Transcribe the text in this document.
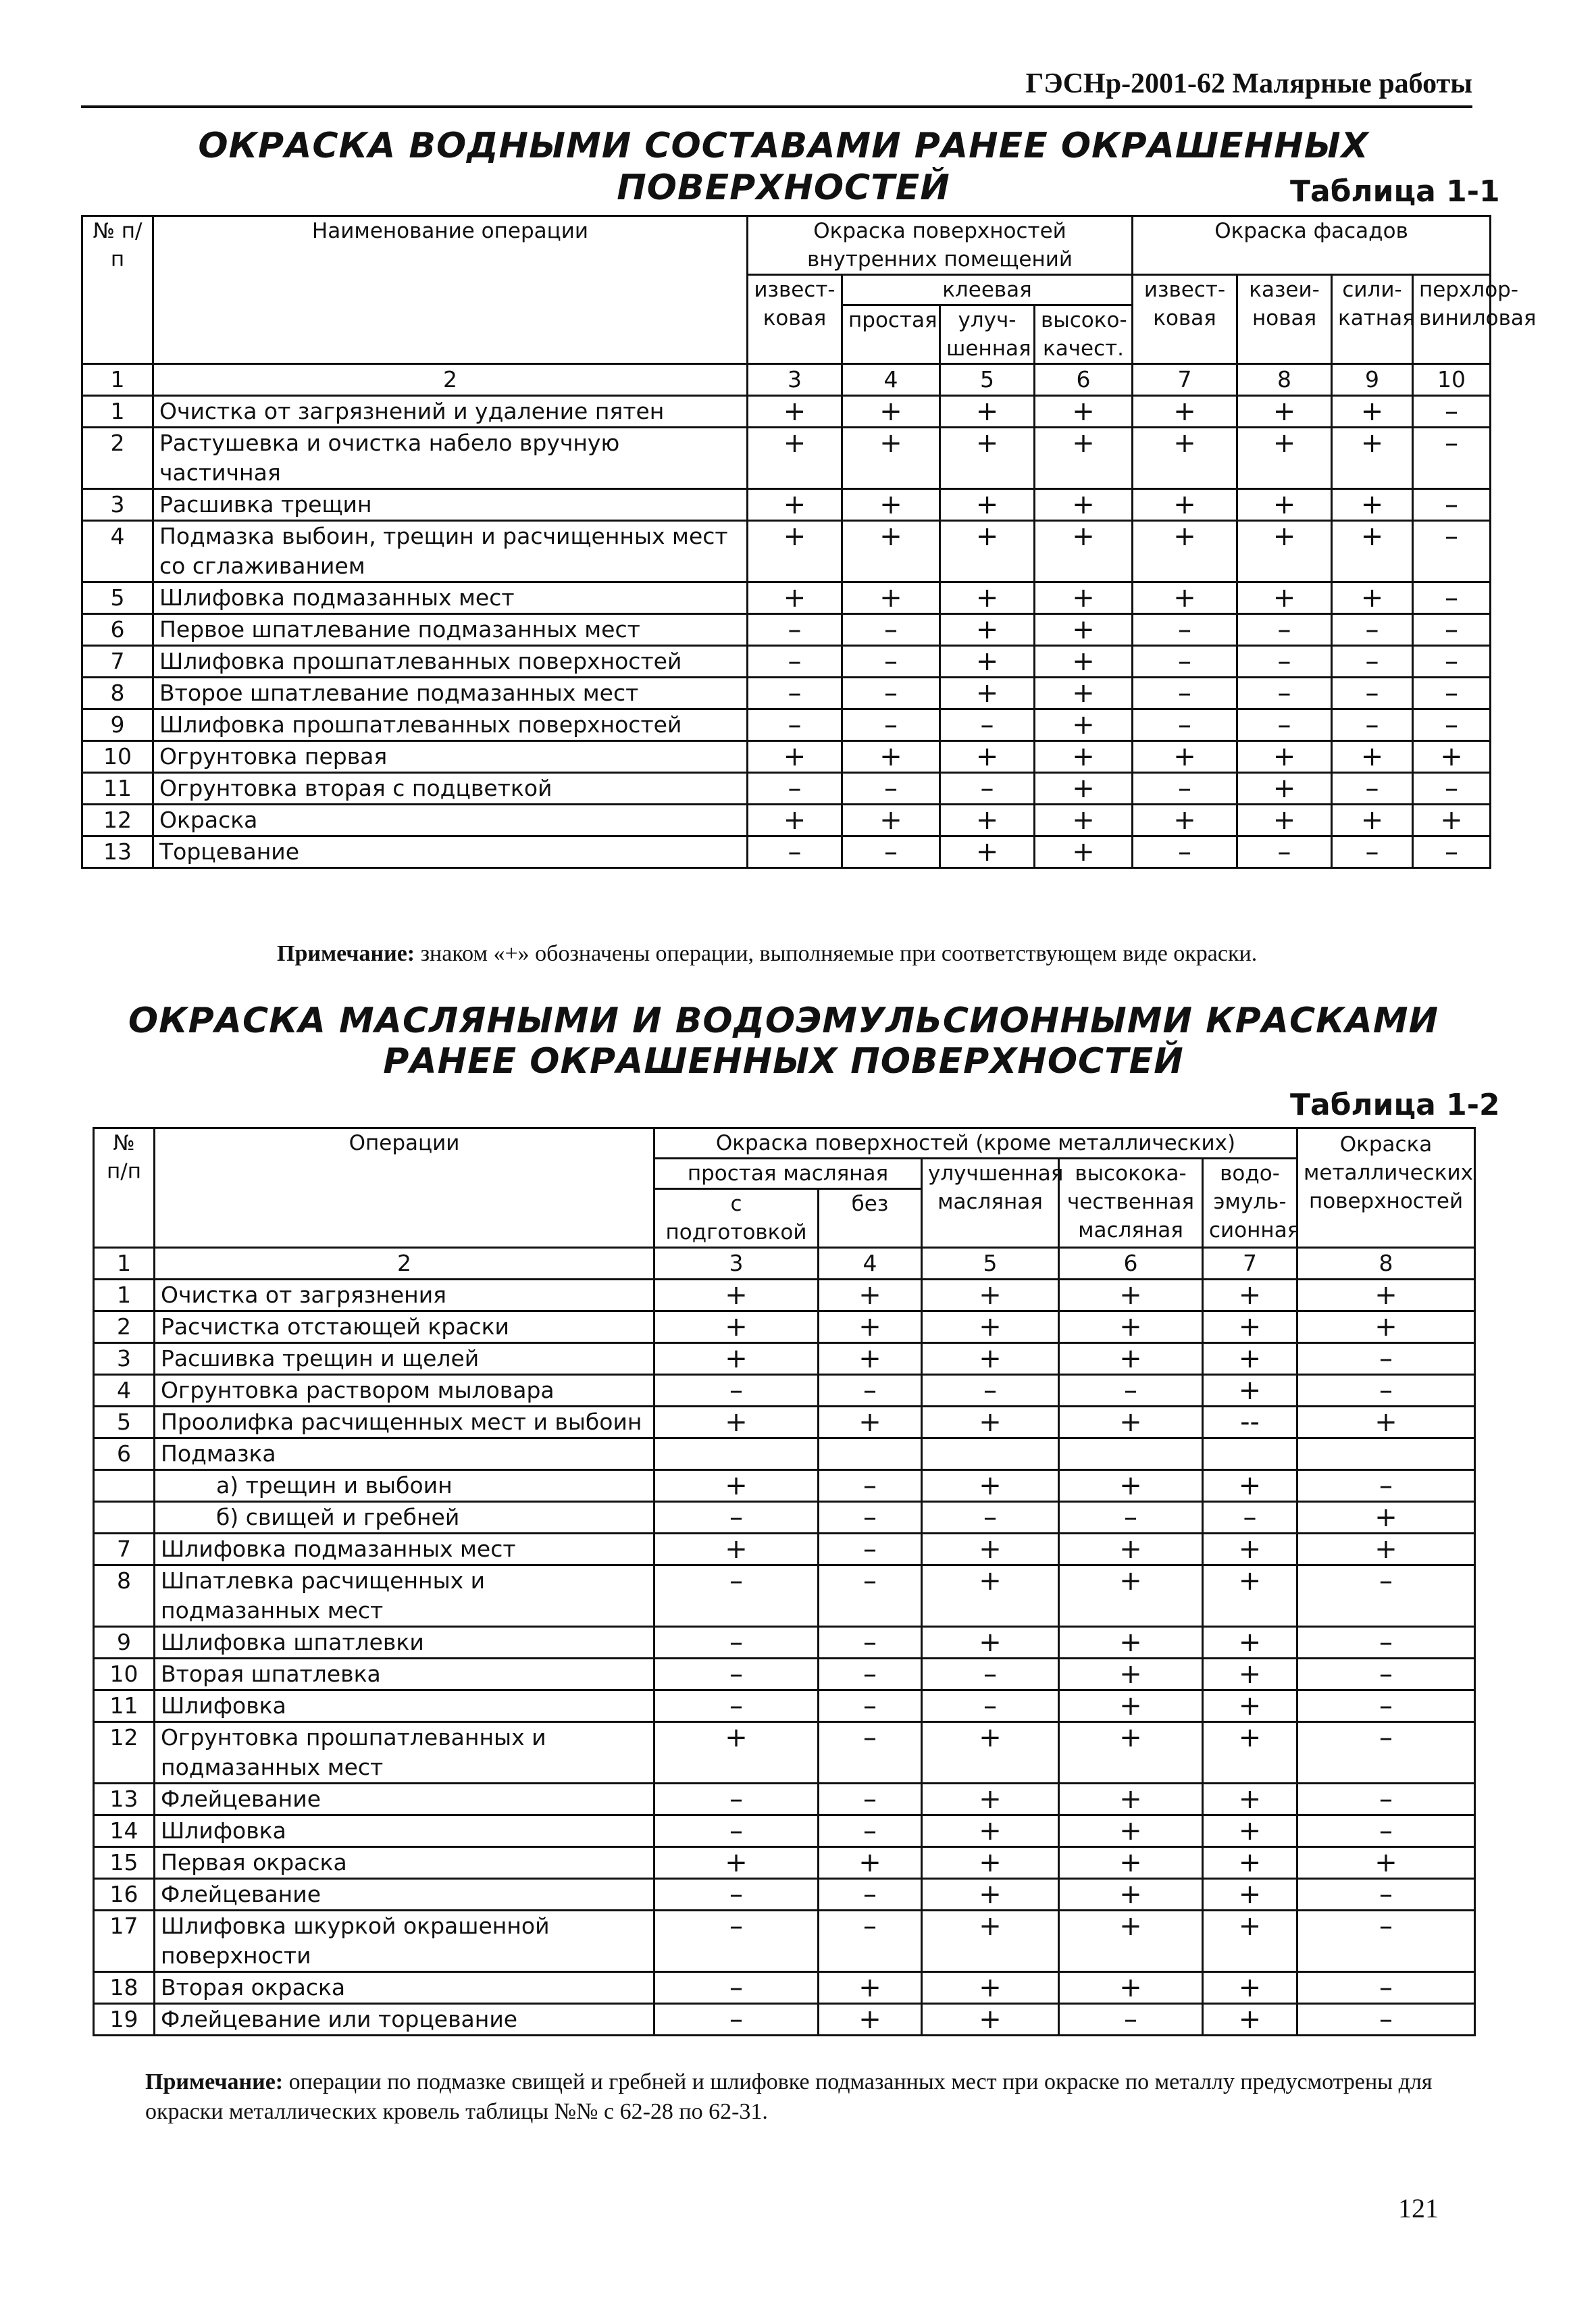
ГЭСНр-2001-62 Малярные работы
ОКРАСКА ВОДНЫМИ СОСТАВАМИ РАНЕЕ ОКРАШЕННЫХ ПОВЕРХНОСТЕЙ	Таблица 1-1
№ п/п	Наименование операции	Окраска поверхностей внутренних помещений				Окраска фасадов			
		извест-ковая	клеевая			извест-ковая	казеи-новая	сили-катная	перхлор-виниловая
			простая	улуч-шенная	высоко-качест.				
1	2	3	4	5	6	7	8	9	10
1	Очистка от загрязнений и удаление пятен	+	+	+	+	+	+	+	–
2	Растушевка и очистка набело вручную частичная	+	+	+	+	+	+	+	–
3	Расшивка трещин	+	+	+	+	+	+	+	–
4	Подмазка выбоин, трещин и расчищенных мест со сглаживанием	+	+	+	+	+	+	+	–
5	Шлифовка подмазанных мест	+	+	+	+	+	+	+	–
6	Первое шпатлевание подмазанных мест	–	–	+	+	–	–	–	–
7	Шлифовка прошпатлеванных поверхностей	–	–	+	+	–	–	–	–
8	Второе шпатлевание подмазанных мест	–	–	+	+	–	–	–	–
9	Шлифовка прошпатлеванных поверхностей	–	–	–	+	–	–	–	–
10	Огрунтовка первая	+	+	+	+	+	+	+	+
11	Огрунтовка вторая с подцветкой	–	–	–	+	–	+	–	–
12	Окраска	+	+	+	+	+	+	+	+
13	Торцевание	–	–	+	+	–	–	–	–
Примечание: знаком «+» обозначены операции, выполняемые при соответствующем виде окраски.
ОКРАСКА МАСЛЯНЫМИ И ВОДОЭМУЛЬСИОННЫМИ КРАСКАМИ
РАНЕЕ ОКРАШЕННЫХ ПОВЕРХНОСТЕЙ
Таблица 1-2
№ п/п	Операции	Окраска поверхностей (кроме металлических)					Окраска металлических поверхностей
		простая масляная		улучшенная масляная	высокока-чественная масляная	водо-эмуль-сионная	
		с подготовкой	без				
1	2	3	4	5	6	7	8
1	Очистка от загрязнения	+	+	+	+	+	+
2	Расчистка отстающей краски	+	+	+	+	+	+
3	Расшивка трещин и щелей	+	+	+	+	+	–
4	Огрунтовка раствором мыловара	–	–	–	–	+	–
5	Проолифка расчищенных мест и выбоин	+	+	+	+	--	+
6	Подмазка						
	а) трещин и выбоин	+	–	+	+	+	–
	б) свищей и гребней	–	–	–	–	–	+
7	Шлифовка подмазанных мест	+	–	+	+	+	+
8	Шпатлевка расчищенных и подмазанных мест	–	–	+	+	+	–
9	Шлифовка шпатлевки	–	–	+	+	+	–
10	Вторая шпатлевка	–	–	–	+	+	–
11	Шлифовка	–	–	–	+	+	–
12	Огрунтовка прошпатлеванных и подмазанных мест	+	–	+	+	+	–
13	Флейцевание	–	–	+	+	+	–
14	Шлифовка	–	–	+	+	+	–
15	Первая окраска	+	+	+	+	+	+
16	Флейцевание	–	–	+	+	+	–
17	Шлифовка шкуркой окрашенной поверхности	–	–	+	+	+	–
18	Вторая окраска	–	+	+	+	+	–
19	Флейцевание или торцевание	–	+	+	–	+	–
Примечание: операции по подмазке свищей и гребней и шлифовке подмазанных мест при окраске по металлу предусмотрены для окраски металлических кровель таблицы №№ с 62-28 по 62-31.
121
